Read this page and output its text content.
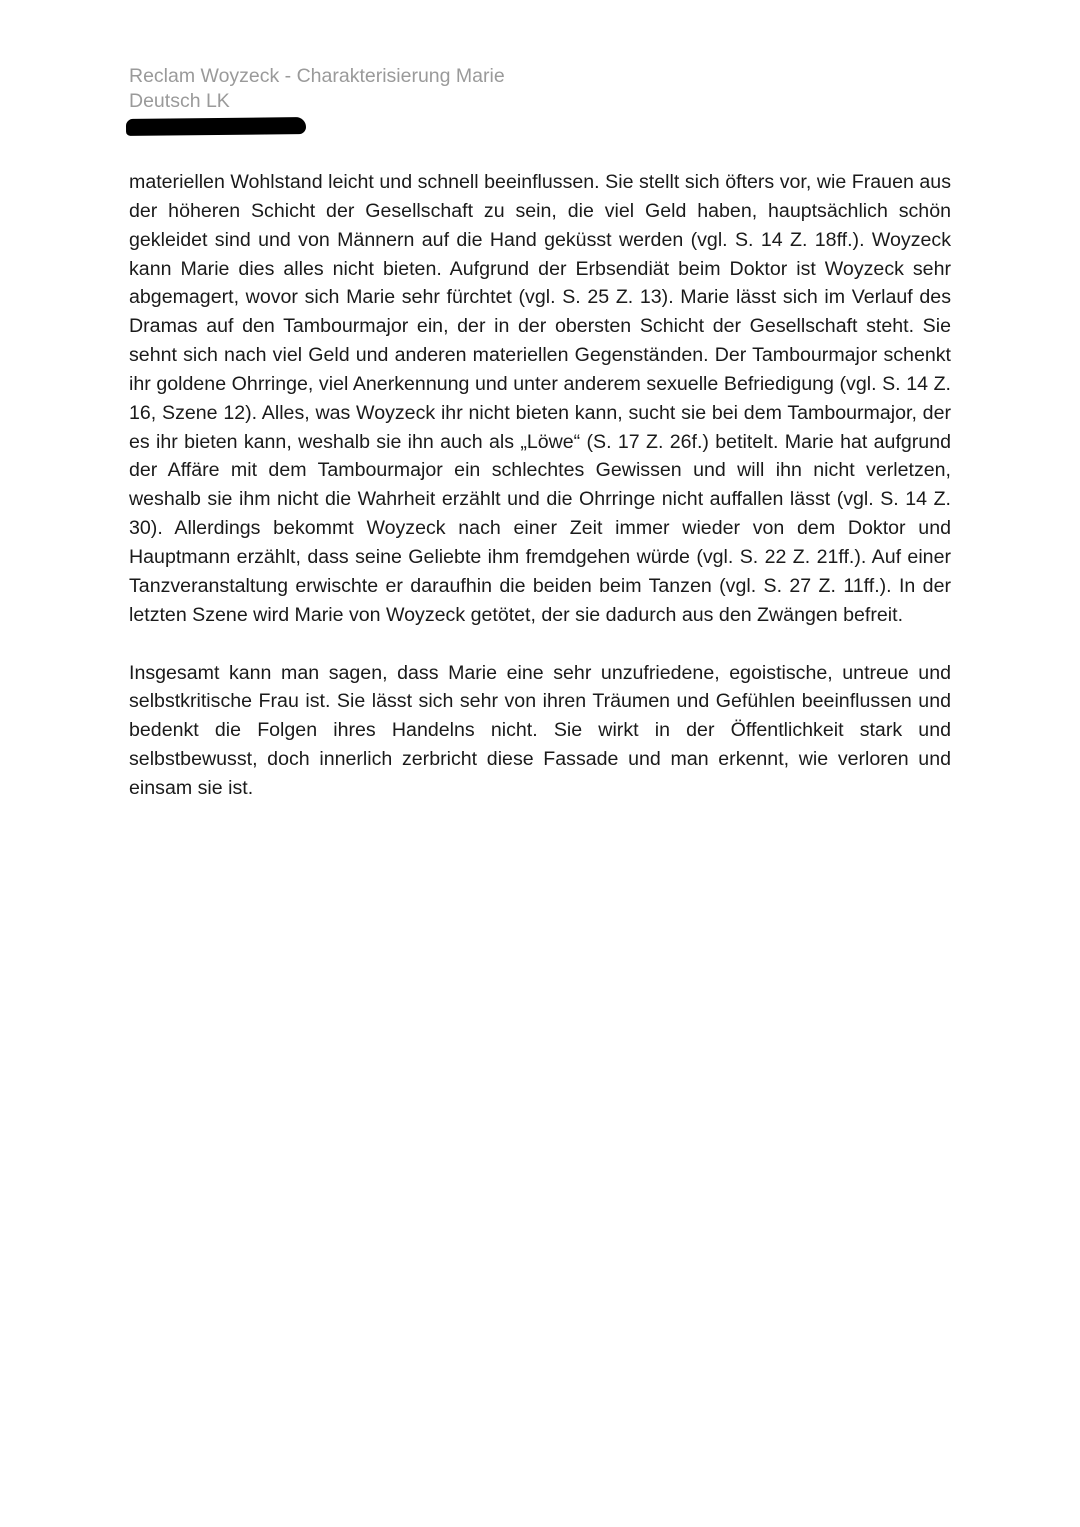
Reclam Woyzeck - Charakterisierung Marie
Deutsch LK

materiellen Wohlstand leicht und schnell beeinflussen. Sie stellt sich öfters vor, wie Frauen aus der höheren Schicht der Gesellschaft zu sein, die viel Geld haben, hauptsächlich schön gekleidet sind und von Männern auf die Hand geküsst werden (vgl. S. 14 Z. 18ff.). Woyzeck kann Marie dies alles nicht bieten. Aufgrund der Erbsendiät beim Doktor ist Woyzeck sehr abgemagert, wovor sich Marie sehr fürchtet (vgl. S. 25 Z. 13). Marie lässt sich im Verlauf des Dramas auf den Tambourmajor ein, der in der obersten Schicht der Gesellschaft steht. Sie sehnt sich nach viel Geld und anderen materiellen Gegenständen. Der Tambourmajor schenkt ihr goldene Ohrringe, viel Anerkennung und unter anderem sexuelle Befriedigung (vgl. S. 14 Z. 16, Szene 12). Alles, was Woyzeck ihr nicht bieten kann, sucht sie bei dem Tambourmajor, der es ihr bieten kann, weshalb sie ihn auch als „Löwe“ (S. 17 Z. 26f.) betitelt. Marie hat aufgrund der Affäre mit dem Tambourmajor ein schlechtes Gewissen und will ihn nicht verletzen, weshalb sie ihm nicht die Wahrheit erzählt und die Ohrringe nicht auffallen lässt (vgl. S. 14 Z. 30). Allerdings bekommt Woyzeck nach einer Zeit immer wieder von dem Doktor und Hauptmann erzählt, dass seine Geliebte ihm fremdgehen würde (vgl. S. 22 Z. 21ff.). Auf einer Tanzveranstaltung erwischte er daraufhin die beiden beim Tanzen (vgl. S. 27 Z. 11ff.). In der letzten Szene wird Marie von Woyzeck getötet, der sie dadurch aus den Zwängen befreit.

Insgesamt kann man sagen, dass Marie eine sehr unzufriedene, egoistische, untreue und selbstkritische Frau ist. Sie lässt sich sehr von ihren Träumen und Gefühlen beeinflussen und bedenkt die Folgen ihres Handelns nicht. Sie wirkt in der Öffentlichkeit stark und selbstbewusst, doch innerlich zerbricht diese Fassade und man erkennt, wie verloren und einsam sie ist.
